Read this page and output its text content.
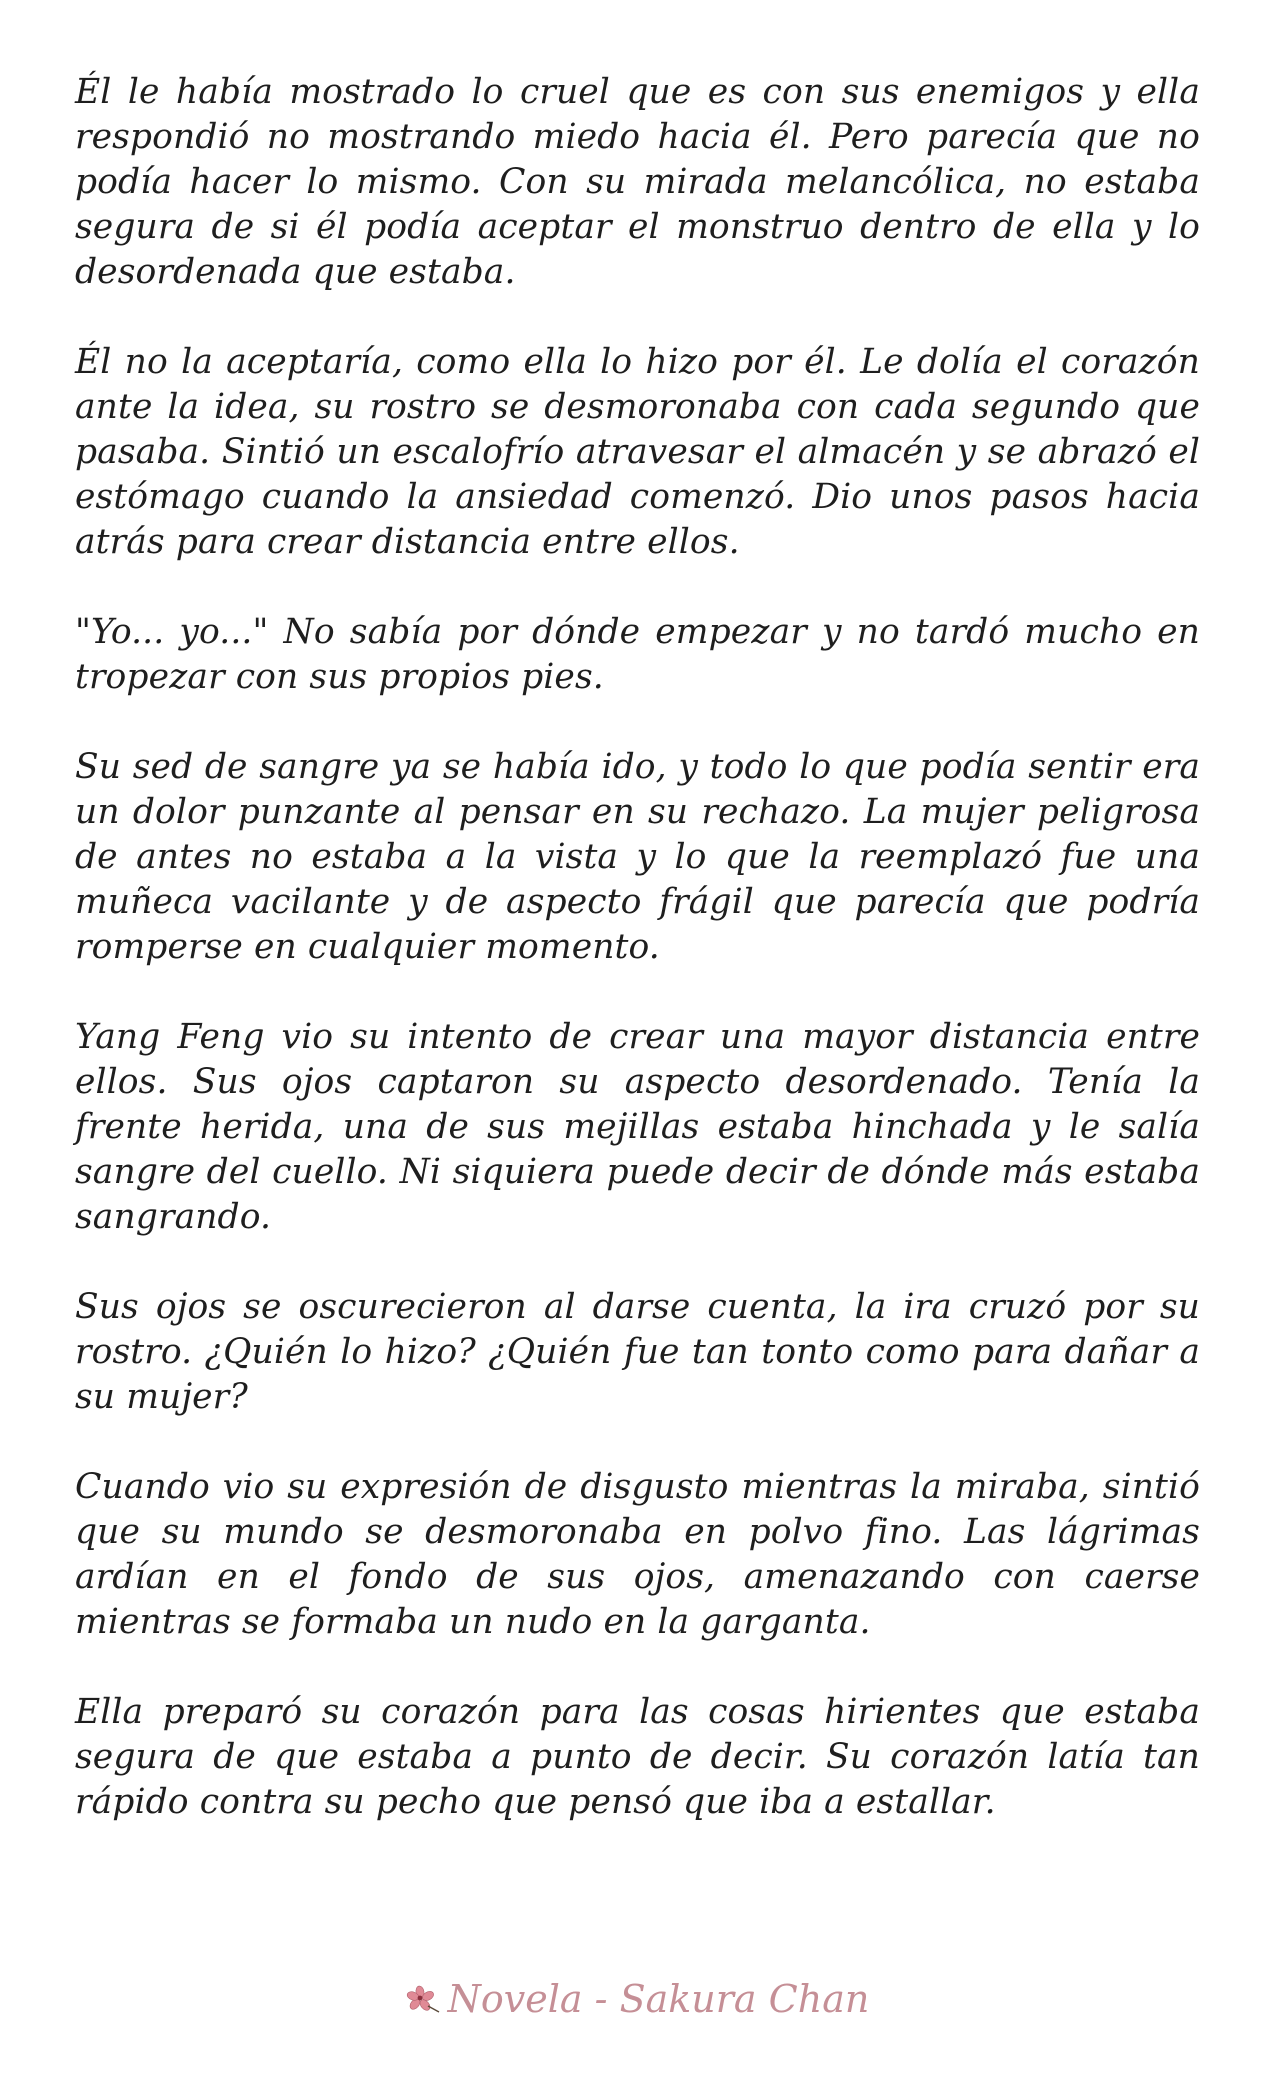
Él le había mostrado lo cruel que es con sus enemigos y ella respondió no mostrando miedo hacia él. Pero parecía que no podía hacer lo mismo. Con su mirada melancólica, no estaba segura de si él podía aceptar el monstruo dentro de ella y lo desordenada que estaba.

Él no la aceptaría, como ella lo hizo por él. Le dolía el corazón ante la idea, su rostro se desmoronaba con cada segundo que pasaba. Sintió un escalofrío atravesar el almacén y se abrazó el estómago cuando la ansiedad comenzó. Dio unos pasos hacia atrás para crear distancia entre ellos.

"Yo... yo..." No sabía por dónde empezar y no tardó mucho en tropezar con sus propios pies.

Su sed de sangre ya se había ido, y todo lo que podía sentir era un dolor punzante al pensar en su rechazo. La mujer peligrosa de antes no estaba a la vista y lo que la reemplazó fue una muñeca vacilante y de aspecto frágil que parecía que podría romperse en cualquier momento.

Yang Feng vio su intento de crear una mayor distancia entre ellos. Sus ojos captaron su aspecto desordenado. Tenía la frente herida, una de sus mejillas estaba hinchada y le salía sangre del cuello. Ni siquiera puede decir de dónde más estaba sangrando.

Sus ojos se oscurecieron al darse cuenta, la ira cruzó por su rostro. ¿Quién lo hizo? ¿Quién fue tan tonto como para dañar a su mujer?

Cuando vio su expresión de disgusto mientras la miraba, sintió que su mundo se desmoronaba en polvo fino. Las lágrimas ardían en el fondo de sus ojos, amenazando con caerse mientras se formaba un nudo en la garganta.

Ella preparó su corazón para las cosas hirientes que estaba segura de que estaba a punto de decir. Su corazón latía tan rápido contra su pecho que pensó que iba a estallar.

Novela - Sakura Chan
